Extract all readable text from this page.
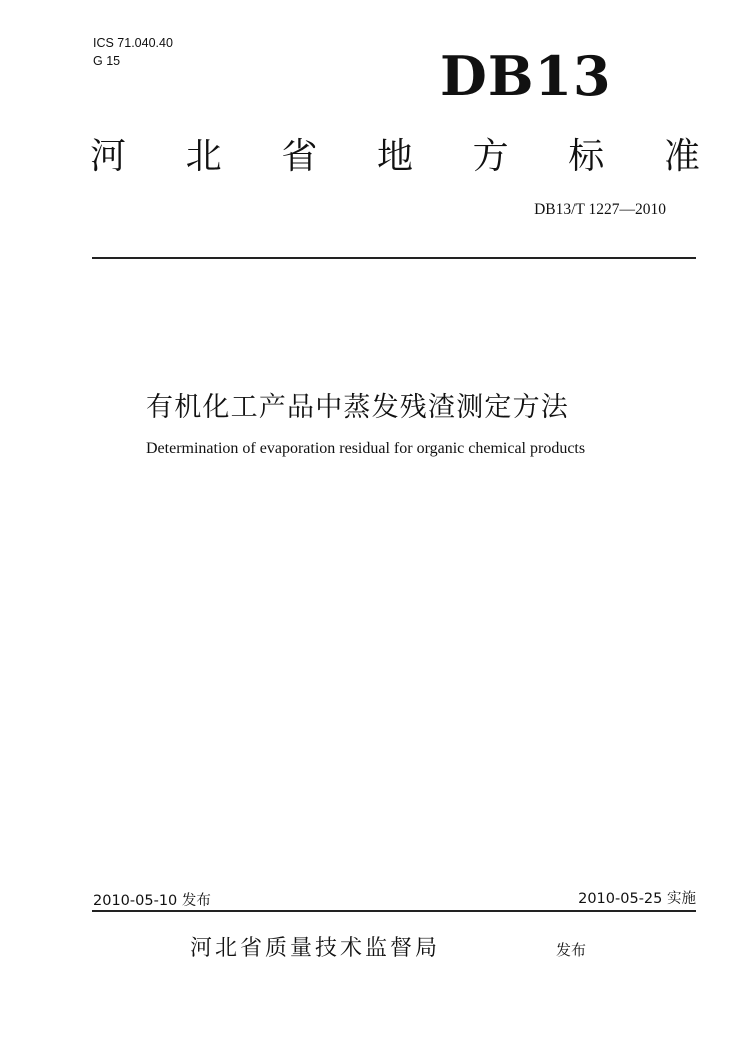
ICS 71.040.40
G 15	DB13
河 北 省 地 方 标 准
DB13/T 1227—2010
有机化工产品中蒸发残渣测定方法
Determination of evaporation residual for organic chemical products
2010-05-10 发布	2010-05-25 实施
河北省质量技术监督局	发布
